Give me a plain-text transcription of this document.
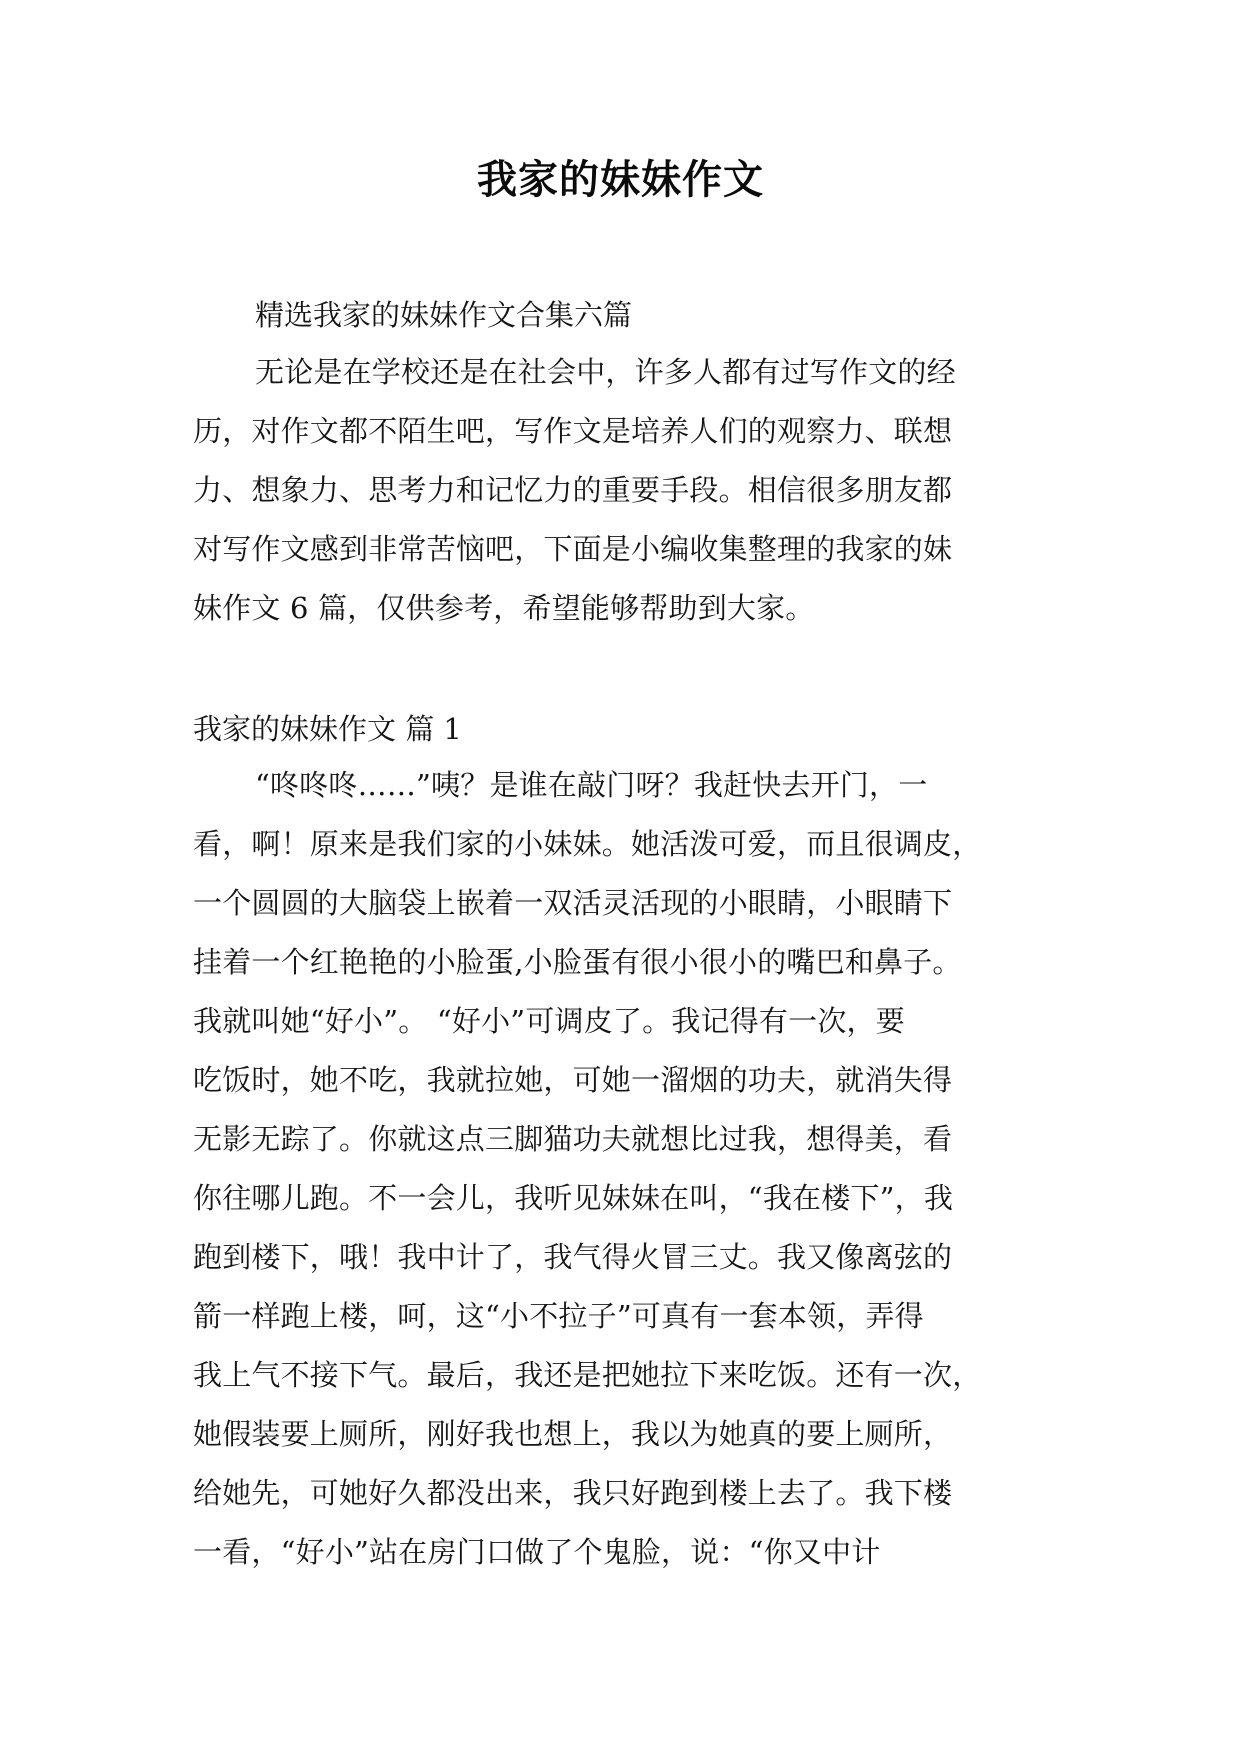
我家的妹妹作文
精选我家的妹妹作文合集六篇
无论是在学校还是在社会中，许多人都有过写作文的经
历，对作文都不陌生吧，写作文是培养人们的观察力、联想
力、想象力、思考力和记忆力的重要手段。相信很多朋友都
对写作文感到非常苦恼吧，下面是小编收集整理的我家的妹
妹作文 6 篇，仅供参考，希望能够帮助到大家。
我家的妹妹作文 篇 1
“咚咚咚……”咦？是谁在敲门呀？我赶快去开门，一
看，啊！原来是我们家的小妹妹。她活泼可爱，而且很调皮，
一个圆圆的大脑袋上嵌着一双活灵活现的小眼睛，小眼睛下
挂着一个红艳艳的小脸蛋,小脸蛋有很小很小的嘴巴和鼻子。
我就叫她“好小”。 “好小”可调皮了。我记得有一次，要
吃饭时，她不吃，我就拉她，可她一溜烟的功夫，就消失得
无影无踪了。你就这点三脚猫功夫就想比过我，想得美，看
你往哪儿跑。不一会儿，我听见妹妹在叫，“我在楼下”，我
跑到楼下，哦！我中计了，我气得火冒三丈。我又像离弦的
箭一样跑上楼，呵，这“小不拉子”可真有一套本领，弄得
我上气不接下气。最后，我还是把她拉下来吃饭。还有一次，
她假装要上厕所，刚好我也想上，我以为她真的要上厕所，
给她先，可她好久都没出来，我只好跑到楼上去了。我下楼
一看，“好小”站在房门口做了个鬼脸，说：“你又中计
